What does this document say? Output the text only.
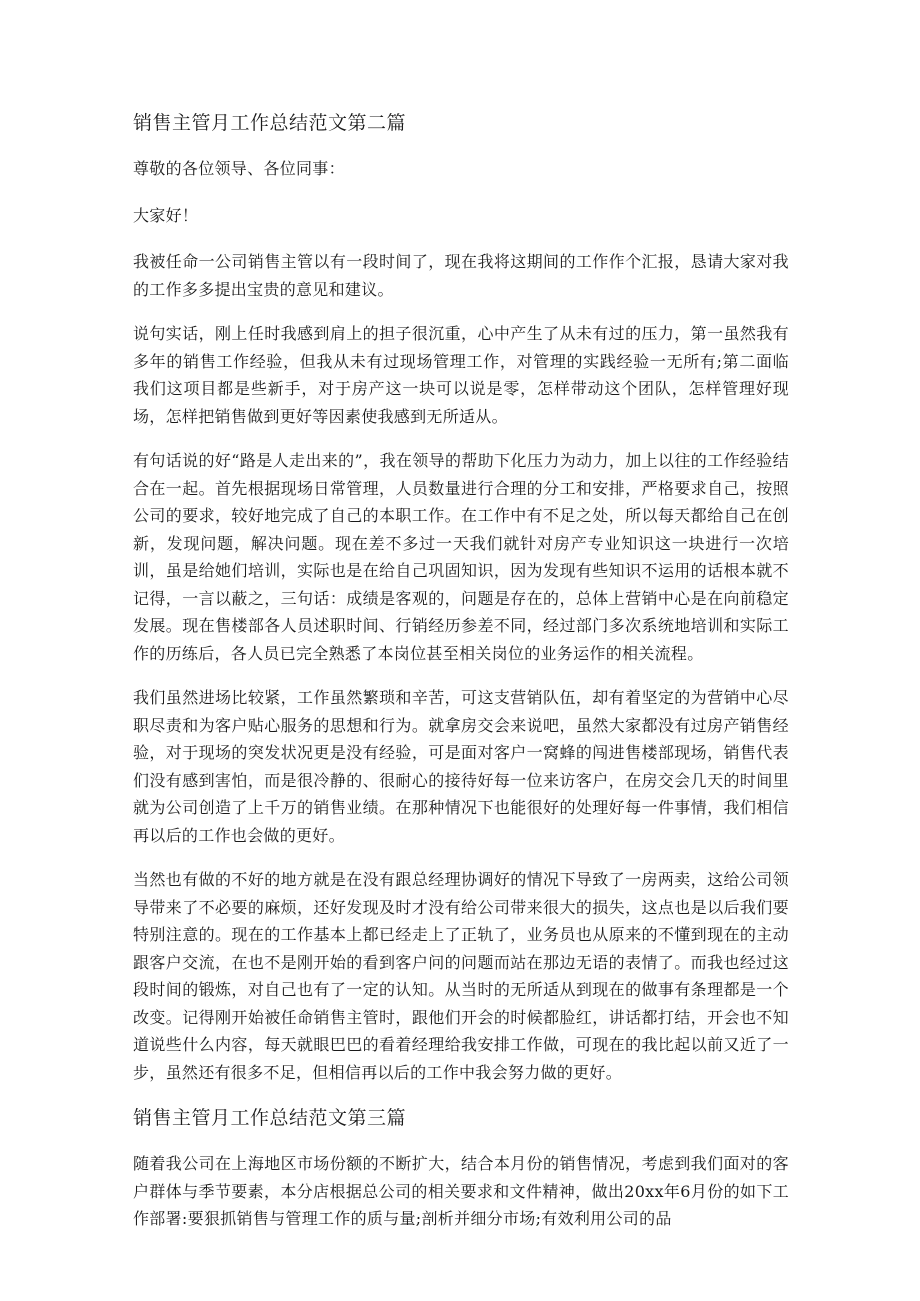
销售主管月工作总结范文第二篇
尊敬的各位领导、各位同事：
大家好！
我被任命一公司销售主管以有一段时间了，现在我将这期间的工作作个汇报，恳请大家对我的工作多多提出宝贵的意见和建议。
说句实话，刚上任时我感到肩上的担子很沉重，心中产生了从未有过的压力，第一虽然我有多年的销售工作经验，但我从未有过现场管理工作，对管理的实践经验一无所有;第二面临我们这项目都是些新手，对于房产这一块可以说是零，怎样带动这个团队，怎样管理好现场，怎样把销售做到更好等因素使我感到无所适从。
有句话说的好“路是人走出来的”，我在领导的帮助下化压力为动力，加上以往的工作经验结合在一起。首先根据现场日常管理，人员数量进行合理的分工和安排，严格要求自己，按照公司的要求，较好地完成了自己的本职工作。在工作中有不足之处，所以每天都给自己在创新，发现问题，解决问题。现在差不多过一天我们就针对房产专业知识这一块进行一次培训，虽是给她们培训，实际也是在给自己巩固知识，因为发现有些知识不运用的话根本就不记得，一言以蔽之，三句话：成绩是客观的，问题是存在的，总体上营销中心是在向前稳定发展。现在售楼部各人员述职时间、行销经历参差不同，经过部门多次系统地培训和实际工作的历练后，各人员已完全熟悉了本岗位甚至相关岗位的业务运作的相关流程。
我们虽然进场比较紧，工作虽然繁琐和辛苦，可这支营销队伍，却有着坚定的为营销中心尽职尽责和为客户贴心服务的思想和行为。就拿房交会来说吧，虽然大家都没有过房产销售经验，对于现场的突发状况更是没有经验，可是面对客户一窝蜂的闯进售楼部现场，销售代表们没有感到害怕，而是很冷静的、很耐心的接待好每一位来访客户，在房交会几天的时间里就为公司创造了上千万的销售业绩。在那种情况下也能很好的处理好每一件事情，我们相信再以后的工作也会做的更好。
当然也有做的不好的地方就是在没有跟总经理协调好的情况下导致了一房两卖，这给公司领导带来了不必要的麻烦，还好发现及时才没有给公司带来很大的损失，这点也是以后我们要特别注意的。现在的工作基本上都已经走上了正轨了，业务员也从原来的不懂到现在的主动跟客户交流，在也不是刚开始的看到客户问的问题而站在那边无语的表情了。而我也经过这段时间的锻炼，对自己也有了一定的认知。从当时的无所适从到现在的做事有条理都是一个改变。记得刚开始被任命销售主管时，跟他们开会的时候都脸红，讲话都打结，开会也不知道说些什么内容，每天就眼巴巴的看着经理给我安排工作做，可现在的我比起以前又近了一步，虽然还有很多不足，但相信再以后的工作中我会努力做的更好。
销售主管月工作总结范文第三篇
随着我公司在上海地区市场份额的不断扩大，结合本月份的销售情况，考虑到我们面对的客户群体与季节要素，本分店根据总公司的相关要求和文件精神，做出20xx年6月份的如下工作部署:要狠抓销售与管理工作的质与量;剖析并细分市场;有效利用公司的品
